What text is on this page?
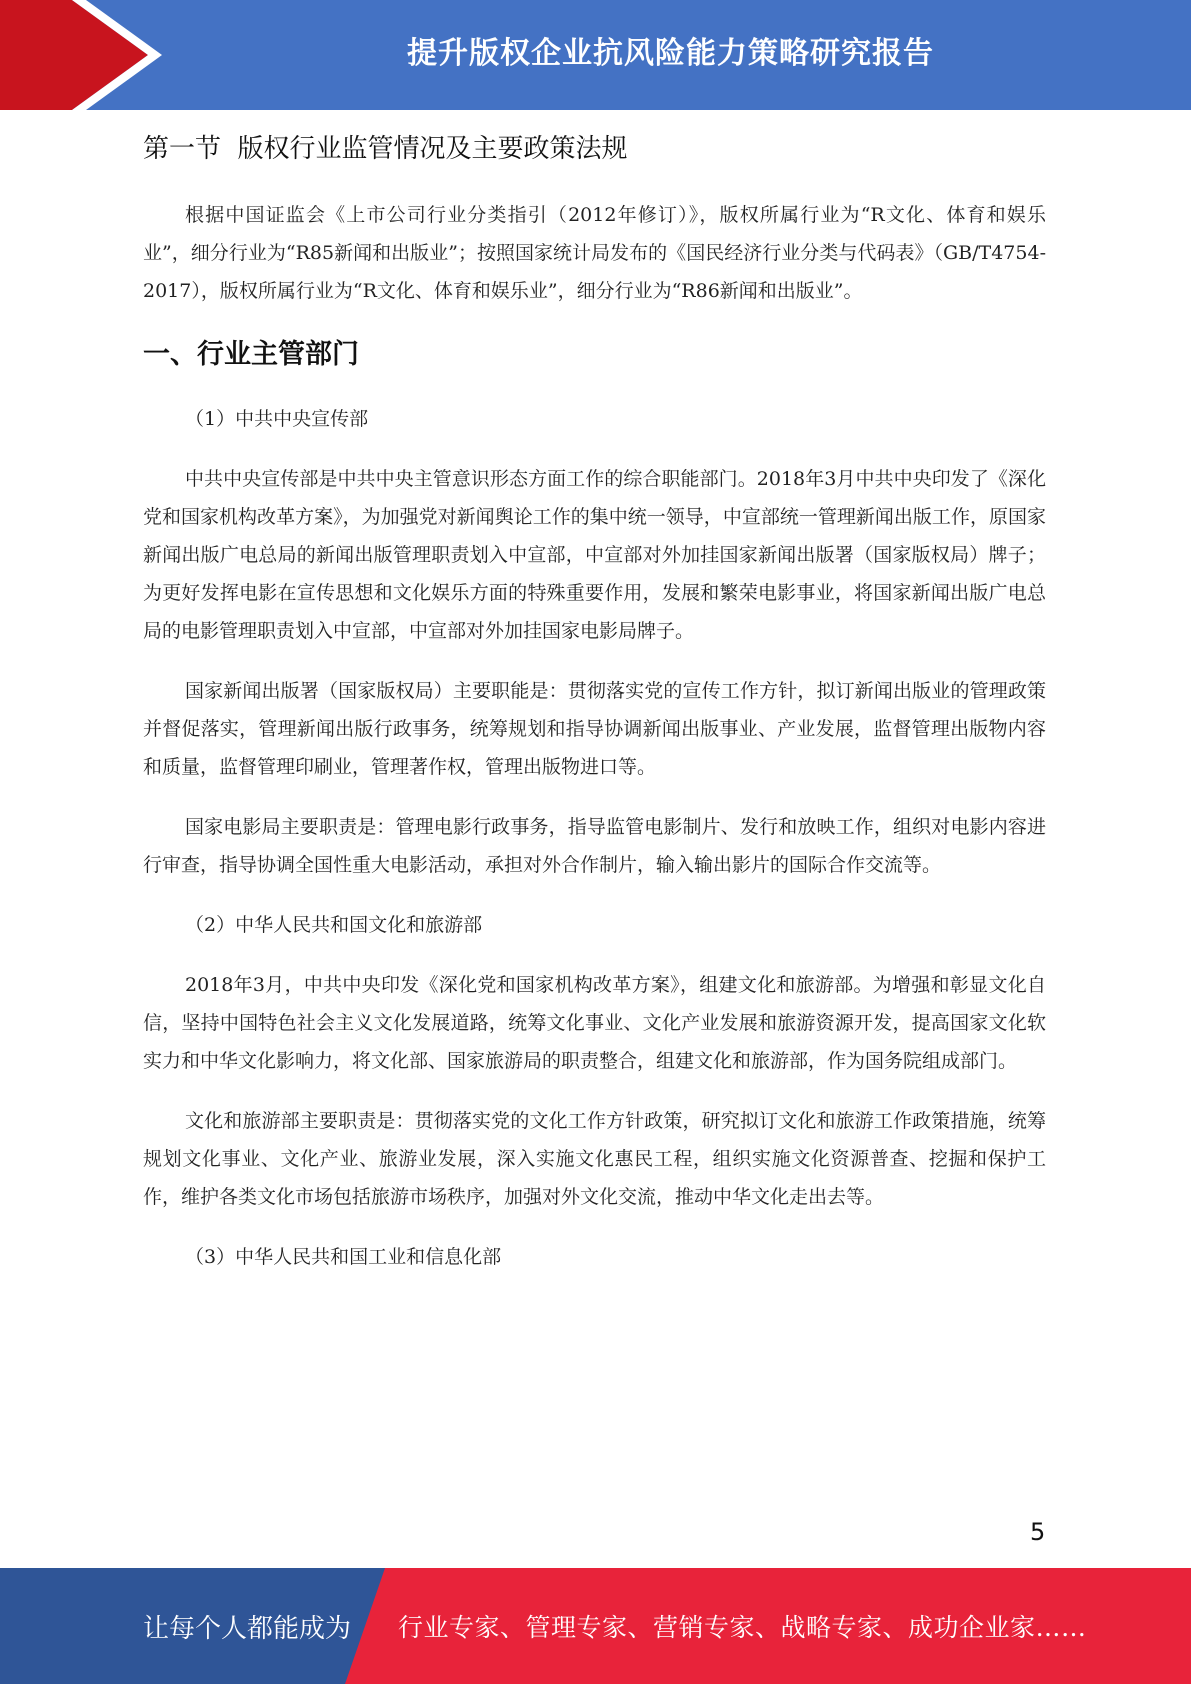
提升版权企业抗风险能力策略研究报告
第一节  版权行业监管情况及主要政策法规

根据中国证监会《上市公司行业分类指引（2012年修订）》，版权所属行业为“R文化、体育和娱乐业”，细分行业为“R85新闻和出版业”；按照国家统计局发布的《国民经济行业分类与代码表》（GB/T4754-2017），版权所属行业为“R文化、体育和娱乐业”，细分行业为“R86新闻和出版业”。

一、行业主管部门

（1）中共中央宣传部

中共中央宣传部是中共中央主管意识形态方面工作的综合职能部门。2018年3月中共中央印发了《深化党和国家机构改革方案》，为加强党对新闻舆论工作的集中统一领导，中宣部统一管理新闻出版工作，原国家新闻出版广电总局的新闻出版管理职责划入中宣部，中宣部对外加挂国家新闻出版署（国家版权局）牌子；为更好发挥电影在宣传思想和文化娱乐方面的特殊重要作用，发展和繁荣电影事业，将国家新闻出版广电总局的电影管理职责划入中宣部，中宣部对外加挂国家电影局牌子。

国家新闻出版署（国家版权局）主要职能是：贯彻落实党的宣传工作方针，拟订新闻出版业的管理政策并督促落实，管理新闻出版行政事务，统筹规划和指导协调新闻出版事业、产业发展，监督管理出版物内容和质量，监督管理印刷业，管理著作权，管理出版物进口等。

国家电影局主要职责是：管理电影行政事务，指导监管电影制片、发行和放映工作，组织对电影内容进行审查，指导协调全国性重大电影活动，承担对外合作制片，输入输出影片的国际合作交流等。

（2）中华人民共和国文化和旅游部

2018年3月，中共中央印发《深化党和国家机构改革方案》，组建文化和旅游部。为增强和彰显文化自信，坚持中国特色社会主义文化发展道路，统筹文化事业、文化产业发展和旅游资源开发，提高国家文化软实力和中华文化影响力，将文化部、国家旅游局的职责整合，组建文化和旅游部，作为国务院组成部门。

文化和旅游部主要职责是：贯彻落实党的文化工作方针政策，研究拟订文化和旅游工作政策措施，统筹规划文化事业、文化产业、旅游业发展，深入实施文化惠民工程，组织实施文化资源普查、挖掘和保护工作，维护各类文化市场包括旅游市场秩序，加强对外文化交流，推动中华文化走出去等。

（3）中华人民共和国工业和信息化部

5
让每个人都能成为 行业专家、管理专家、营销专家、战略专家、成功企业家……
